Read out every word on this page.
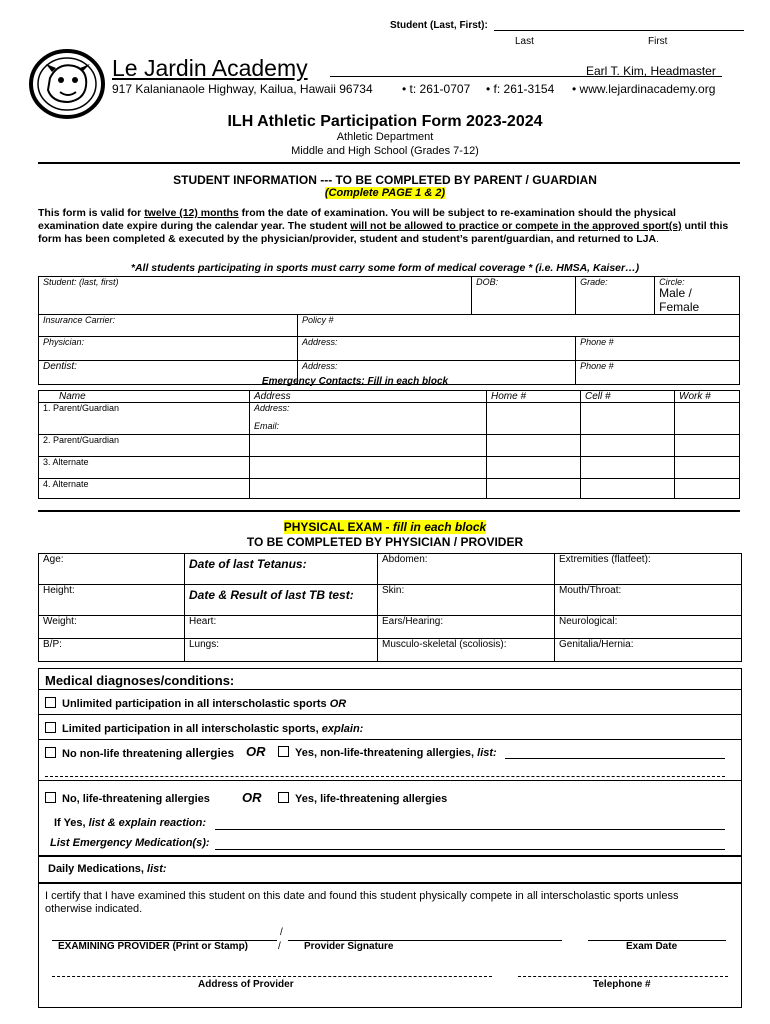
Student (Last, First):
Last	First
Le Jardin Academy	Earl T. Kim, Headmaster
917 Kalanianaole Highway, Kailua, Hawaii 96734 • t: 261-0707 • f: 261-3154 • www.lejardinacademy.org
ILH Athletic Participation Form 2023-2024
Athletic Department
Middle and High School (Grades 7-12)
STUDENT INFORMATION --- TO BE COMPLETED BY PARENT / GUARDIAN
(Complete PAGE 1 & 2)
This form is valid for twelve (12) months from the date of examination. You will be subject to re-examination should the physical examination date expire during the calendar year. The student will not be allowed to practice or compete in the approved sport(s) until this form has been completed & executed by the physician/provider, student and student’s parent/guardian, and returned to LJA.
*All students participating in sports must carry some form of medical coverage * (i.e. HMSA, Kaiser…)
Student: (last, first)		DOB:	Grade:	Circle:
Male / Female

Insurance Carrier:	Policy #			
Physician:	Address:		Phone #	
Dentist:	Address:		Phone #	
Emergency Contacts: Fill in each block
Name	Address	Home #	Cell #	Work #
1. Parent/Guardian	Address:
Email:			

2. Parent/Guardian				
3. Alternate				
4. Alternate				
PHYSICAL EXAM - fill in each block
TO BE COMPLETED BY PHYSICIAN / PROVIDER
Age:	Date of last Tetanus:	Abdomen:	Extremities (flatfeet):
Height:	Date & Result of last TB test:	Skin:	Mouth/Throat:
Weight:	Heart:	Ears/Hearing:	Neurological:
B/P:	Lungs:	Musculo-skeletal (scoliosis):	Genitalia/Hernia:
Medical diagnoses/conditions:
Unlimited participation in all interscholastic sports OR
Limited participation in all interscholastic sports, explain:
No non-life threatening allergies OR	Yes, non-life-threatening allergies, list:
No, life-threatening allergies OR	Yes, life-threatening allergies
If Yes, list & explain reaction:
List Emergency Medication(s):
Daily Medications, list:
I certify that I have examined this student on this date and found this student physically compete in all interscholastic sports unless otherwise indicated.
/
EXAMINING PROVIDER (Print or Stamp)	/ Provider Signature	Exam Date
Address of Provider	Telephone #
